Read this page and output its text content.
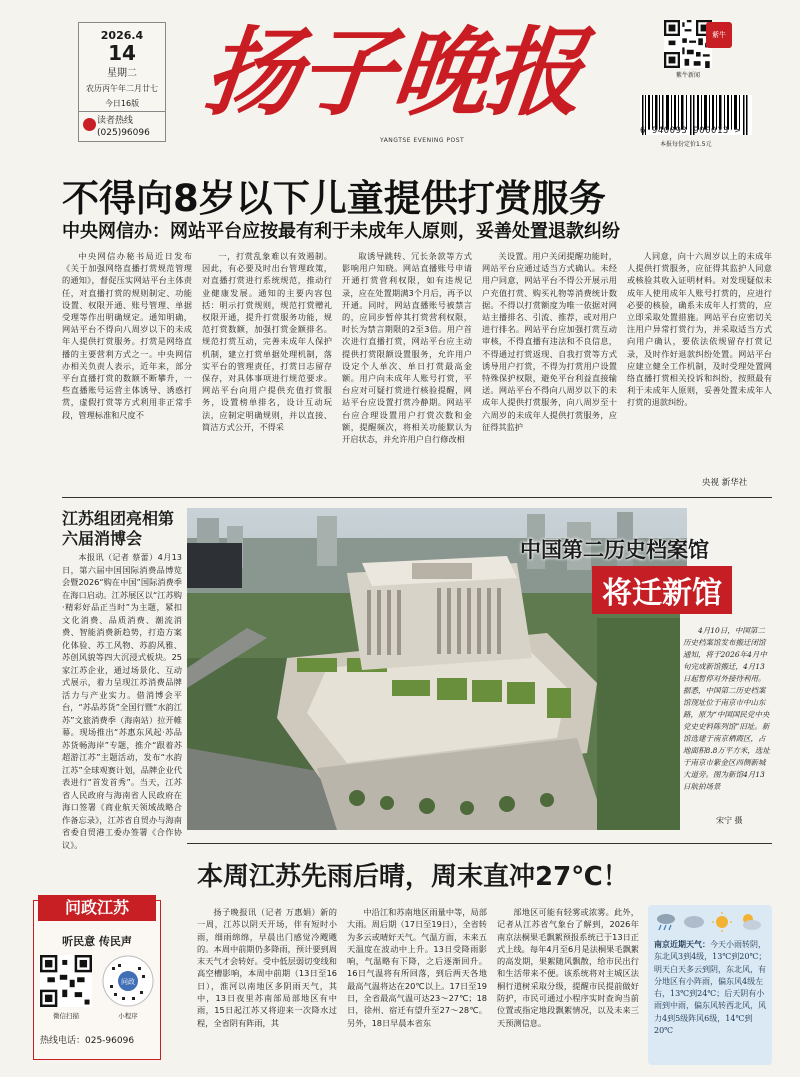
2026.4
14
星期二
农历丙午年二月廿七
今日16版
读者热线
(025)96096
扬子晚报
YANGTSE EVENING POST
紫牛
紫牛新闻
6 940093 900013 >
本报每份定价1.5元
不得向8岁以下儿童提供打赏服务
中央网信办：网站平台应按最有利于未成年人原则，妥善处置退款纠纷

中央网信办秘书局近日发布《关于加强网络直播打赏规范管理的通知》，督促压实网站平台主体责任，对直播打赏的规则制定、功能设置、权限开通、账号管理、单据受理等作出明确规定。通知明确，网站平台不得向八周岁以下的未成年人提供打赏服务。打赏是网络直播的主要营利方式之一。中央网信办相关负责人表示，近年来，部分平台直播打赏的数额不断攀升，一些直播账号运营主体诱导、诱惑打赏，虚假打赏等方式利用非正常手段，管理标准和尺度不

一，打赏乱象难以有效遏制。因此，有必要及时出台管理政策，对直播打赏进行系统规范，推动行业健康发展。通知的主要内容包括：明示打赏规则，规范打赏赠礼权限开通，提升打赏服务功能，规范打赏数额，加强打赏金额排名。规范打赏互动，完善未成年人保护机制，建立打赏单据处理机制，落实平台的管理责任，打赏日志留存保存，对具体事项进行规范要求。网站平台向用户提供充值打赏服务，设置榜单排名，设计互动玩法，应制定明确规则，并以直接、简洁方式公开，不得采

取诱导跳转、冗长条款等方式影响用户知晓。网站直播账号申请开通打赏营利权限，如有违规记录，应在处置期满3个月后，再予以开通。同时，网站直播账号被禁言的，应同步暂停其打赏营利权限，时长为禁言期限的2至3倍。用户首次进行直播打赏，网站平台应主动提供打赏限额设置服务，允许用户设定个人单次、单日打赏最高金额。用户向未成年人账号打赏，平台应对可疑打赏进行核验提醒，网站平台应设置打赏冷静期。网站平台应合理设置用户打赏次数和金额，提醒频次，将相关功能默认为开启状态，并允许用户自行修改相

关设置。用户关闭提醒功能时，网站平台应通过适当方式确认。未经用户同意，网站平台不得公开展示用户充值打赏、购买礼物等消费统计数据。不得以打赏额度为唯一依据对网站主播排名、引流、推荐，或对用户进行排名。网站平台应加强打赏互动审核，不得直播有违法和不良信息，不得通过打赏返现、自我打赏等方式诱导用户打赏，不得为打赏用户设置特殊保护权限，避免平台利益直接输送。网站平台不得向八周岁以下的未成年人提供打赏服务，向八周岁至十六周岁的未成年人提供打赏服务，应征得其监护

人同意，向十六周岁以上的未成年人提供打赏服务，应征得其监护人同意或核验其收入证明材料。对发现疑似未成年人使用成年人账号打赏的，应进行必要的核验，确系未成年人打赏的，应立即采取处置措施。网站平台应密切关注用户异常打赏行为，并采取适当方式向用户确认，要依法依规留存打赏记录，及时作好退款纠纷处置。网站平台应建立健全工作机制，及时受理处置网络直播打赏相关投诉和纠纷，按照最有利于未成年人原则，妥善处置未成年人打赏的退款纠纷。

央视 新华社
江苏组团亮相第六届消博会

本报讯（记者 蔡蕾）4月13日，第六届中国国际消费品博览会暨2026“购在中国”国际消费季在海口启动。江苏展区以“江苏购·精彩好品正当时”为主题，紧扣文化消费、品质消费、潮流消费、智能消费新趋势，打造方案化体验、苏工风物、苏韵风雅、苏创风貌等四大沉浸式板块。25家江苏企业，通过场景化、互动式展示，着力呈现江苏消费品牌活力与产业实力。借消博会平台，“苏品苏货”全国行暨“水韵江苏”文旅消费季（海南站）拉开帷幕。现场推出“苏惠东风起·苏品苏货畅海岸”专题，推介“跟着苏超游江苏”主题活动，发布“水韵江苏”全球观赛计划，品牌企业代表进行“首发首秀”。当天，江苏省人民政府与海南省人民政府在海口签署《商业航天领域战略合作备忘录》，江苏省自贸办与海南省委自贸港工委办签署《合作协议》。

中国第二历史档案馆
将迁新馆

4月10日，中国第二历史档案馆发布搬迁闭馆通知，将于2026年4月中旬完成新馆搬迁，4月13日起暂停对外接待利用。据悉，中国第二历史档案馆现址位于南京市中山东路，原为“中国国民党中央党史史料陈列馆”旧址。新馆选建于南京栖霞区，占地面积8.8万平方米，选址于南京市紫金区西侧新城大道旁。图为新馆4月13日航拍场景

宋宁 摄
本周江苏先雨后晴，周末直冲27℃！

扬子晚报讯（记者 万惠娟）新的一周，江苏以阴天开场，伴有短时小雨，细雨绵绵，早晨出门感觉冷飕飕的。本周中前期仍多降雨，预计要到周末天气才会转好。受中低层弱切变线和高空槽影响，本周中前期（13日至16日），淮河以南地区多阴雨天气，其中，13日夜里苏南部局部地区有中雨，15日起江苏又将迎来一次降水过程，全省阴有阵雨，其

中沿江和苏南地区雨量中等，局部大雨。周后期（17日至19日），全省转为多云或晴好天气。气温方面，未来五天温度在波动中上升。13日受降雨影响，气温略有下降，之后逐渐回升。16日气温将有所回落，到后两天各地最高气温将达在20℃以上。17日至19日，全省最高气温可达23～27℃；18日，徐州、宿迁有望升至27～28℃。另外，18日早晨本省东

部地区可能有轻雾或浓雾。此外，记者从江苏省气象台了解到，2026年南京法桐果毛飘絮预报系统已于13日正式上线。每年4月至6月是法桐果毛飘絮的高发期，果絮随风飘散，给市民出行和生活带来不便。该系统将对主城区法桐行道树采取分级，提醒市民提前做好防护，市民可通过小程序实时查询当前位置或指定地段飘絮情况，以及未来三天预测信息。

问政江苏
听民意 传民声
问政
微信扫描	小程序
热线电话：025-96096
南京近期天气：今天小雨转阴，东北风3到4级，13℃到20℃；明天白天多云到阴，东北风，有分地区有小阵雨，偏东风4级左右，13℃到24℃；后天阴有小雨到中雨，偏东风转西北风，风力4到5级阵风6级，14℃到20℃
